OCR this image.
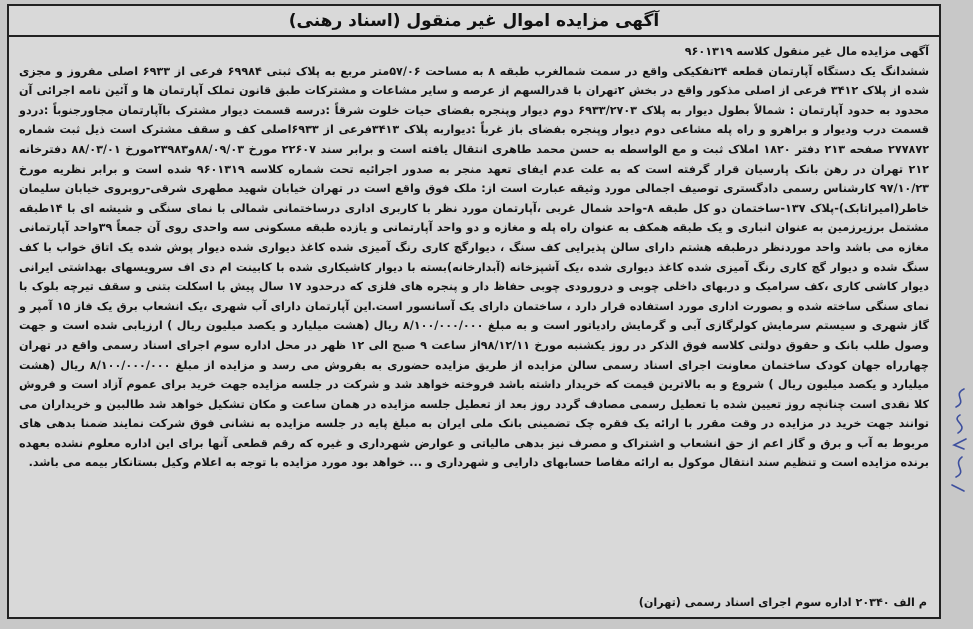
آگهی مزایده اموال غیر منقول (اسناد رهنی)

آگهی مزایده مال غیر منقول کلاسه ۹۶۰۱۳۱۹

ششدانگ یک دستگاه آپارتمان قطعه ۲۴تفکیکی واقع در سمت شمالغرب طبقه ۸ به مساحت ۵۷/۰۶متر مربع به پلاک ثبتی ۶۹۹۸۴ فرعی از ۶۹۳۳ اصلی مفروز و مجزی شده از پلاک ۳۴۱۲ فرعی از اصلی مذکور واقع در بخش ۲تهران با قدرالسهم از عرصه و سایر مشاعات و مشترکات طبق قانون تملک آپارتمان ها و آئین نامه اجرائی آن محدود به حدود آپارتمان : شمالاً بطول دیوار به پلاک ۶۹۳۳/۲۷۰۳ دوم دیوار وپنجره بفضای حیات خلوت شرقاً :درسه قسمت دیوار مشترک باآپارتمان مجاورجنوباً :دردو قسمت درب ودیوار و براهرو و راه پله مشاعی دوم دیوار وپنجره بفضای باز غرباً :دیواربه پلاک ۳۴۱۳فرعی از ۶۹۳۳اصلی کف و سقف مشترک است ذیل ثبت شماره ۲۷۷۸۷۲ صفحه ۲۱۳ دفتر ۱۸۲۰ املاک ثبت و مع الواسطه به حسن محمد طاهری انتقال یافته است و برابر سند ۲۲۶۰۷ مورخ ۸۸/۰۹/۰۳و۲۳۹۸۳مورخ ۸۸/۰۳/۰۱ دفترخانه ۲۱۲ تهران در رهن بانک پارسیان قرار گرفته است که به علت عدم ایفای تعهد منجر به صدور اجرائیه تحت شماره کلاسه ۹۶۰۱۳۱۹ شده است و برابر نظریه مورخ ۹۷/۱۰/۲۳ کارشناس رسمی دادگستری توصیف اجمالی مورد وثیقه عبارت است از: ملک فوق واقع است در تهران خیابان شهید مطهری شرقی-روبروی خیابان سلیمان خاطر(امیراتابک)-پلاک ۱۳۷-ساختمان دو کل طبقه ۸-واحد شمال غربی ،آپارتمان مورد نظر با کاربری اداری درساختمانی شمالی با نمای سنگی و شیشه ای با ۱۴طبقه مشتمل برزیرزمین به عنوان انباری و یک طبقه همکف به عنوان راه پله و مغازه و دو واحد آپارتمانی و یازده طبقه مسکونی سه واحدی روی آن جمعاً ۳۹واحد آپارتمانی مغازه می باشد واحد موردنظر درطبقه هشتم دارای سالن پذیرایی کف سنگ ، دیوارگچ کاری رنگ آمیزی شده کاغذ دیواری شده دیوار پوش شده یک اتاق خواب با کف سنگ شده و دیوار گچ کاری رنگ آمیزی شده کاغذ دیواری شده ،یک آشپزخانه (آبدارخانه)بسته با دیوار کاشیکاری شده با کابینت ام دی اف سرویسهای بهداشتی ایرانی دیوار کاشی کاری ،کف سرامیک و دربهای داخلی چوبی و درورودی چوبی حفاظ دار و پنجره های فلزی که درحدود ۱۷ سال پیش با اسکلت بتنی و سقف تیرچه بلوک با نمای سنگی ساخته شده و بصورت اداری مورد استفاده قرار دارد ، ساختمان دارای یک آسانسور است.این آپارتمان دارای آب شهری ،یک انشعاب برق یک فاز ۱۵ آمپر و گاز شهری و سیستم سرمایش کولرگازی آبی و گرمایش رادیاتور است و به مبلغ ۸/۱۰۰/۰۰۰/۰۰۰ ریال (هشت میلیارد و یکصد میلیون ریال ) ارزیابی شده است و جهت وصول طلب بانک و حقوق دولتی کلاسه فوق الذکر در روز یکشنبه مورخ ۹۸/۱۲/۱۱از ساعت ۹ صبح الی ۱۲ ظهر در محل اداره سوم اجرای اسناد رسمی واقع در تهران چهارراه جهان کودک ساختمان معاونت اجرای اسناد رسمی سالن مزایده از طریق مزایده حضوری به بفروش می رسد و مزایده از مبلغ ۸/۱۰۰/۰۰۰/۰۰۰ ریال (هشت میلیارد و یکصد میلیون ریال ) شروع و به بالاترین قیمت که خریدار داشته باشد فروخته خواهد شد و شرکت در جلسه مزایده جهت خرید برای عموم آزاد است و فروش کلا نقدی است چنانچه روز تعیین شده با تعطیل رسمی مصادف گردد روز بعد از تعطیل جلسه مزایده در همان ساعت و مکان تشکیل خواهد شد طالبین و خریداران می توانند جهت خرید در مزایده در وقت مقرر با ارائه یک فقره چک تضمینی بانک ملی ایران به مبلغ پایه در جلسه مزایده به نشانی فوق شرکت نمایند ضمنا بدهی های مربوط به آب و برق و گاز اعم از حق انشعاب و اشتراک و مصرف نیز بدهی مالیاتی و عوارض شهرداری و غیره که رقم قطعی آنها برای این اداره معلوم نشده بعهده برنده مزایده است و تنظیم سند انتقال موکول به ارائه مفاصا حسابهای دارایی و شهرداری و ... خواهد بود مورد مزایده با توجه به اعلام وکیل بستانکار بیمه می باشد.

م الف ۲۰۳۴۰ اداره سوم اجرای اسناد رسمی (تهران)
